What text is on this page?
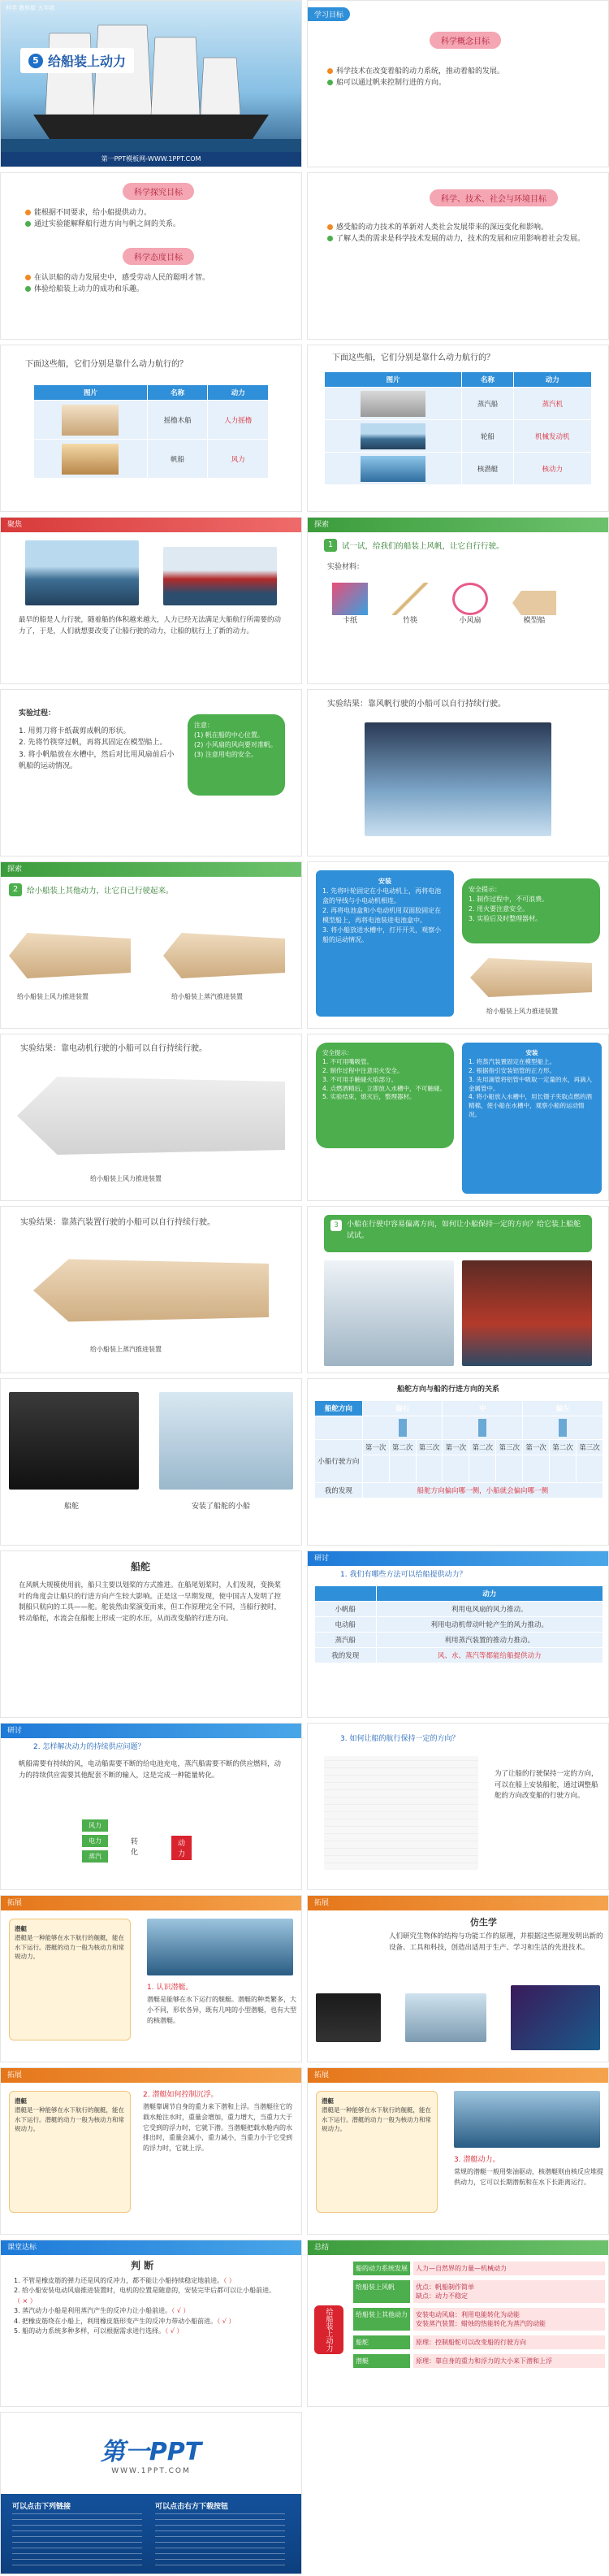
科学 教科版 五年级
5 给船装上动力
第一PPT模板网-WWW.1PPT.COM
学习目标
科学概念目标
科学技术在改变着船的动力系统，推动着船的发展。
船可以通过帆来控制行进的方向。
科学探究目标
能根据不同要求，给小船提供动力。
通过实验能解释船行进方向与帆之间的关系。
科学态度目标
在认识船的动力发展史中，感受劳动人民的聪明才智。
体验给船装上动力的成功和乐趣。
科学、技术、社会与环境目标
感受船的动力技术的革新对人类社会发展带来的深远变化和影响。
了解人类的需求是科学技术发展的动力，技术的发展和应用影响着社会发展。
下面这些船，它们分别是靠什么动力航行的？
图片	名称	动力

	摇橹木船	人力摇橹

	帆船	风力
下面这些船，它们分别是靠什么动力航行的？
图片	名称	动力

	蒸汽船	蒸汽机

	轮船	机械发动机

	核潜艇	核动力
聚焦
最早的船是人力行驶，随着船的体积越来越大，人力已经无法满足大船航行所需要的动力了，于是，人们就想要改变了让船行驶的动力，让船的航行上了新的动力。
探索
1	试一试，给我们的船装上风帆，让它自行行驶。
实验材料：
卡纸	竹筷	小风扇	模型船
实验过程：
1. 用剪刀将卡纸裁剪成帆的形状。
2. 先将竹筷穿过帆，再将其固定在模型船上。
3. 将小帆船放在水槽中，然后对比用风扇前后小帆船的运动情况。
注意：
(1) 帆在船的中心位置。
(2) 小风扇的风向要对准帆。
(3) 注意用电的安全。
实验结果：靠风帆行驶的小船可以自行持续行驶。
探索
2	给小船装上其他动力，让它自己行驶起来。
给小船装上风力推进装置	给小船装上蒸汽推进装置
安装
1. 先将叶轮固定在小电动机上，再将电池盒的导线与小电动机相连。
2. 再将电池盒和小电动机用双面胶固定在模型船上，再将电池装进电池盒中。
3. 将小船放进水槽中，打开开关，观察小船的运动情况。
安全提示：
1. 制作过程中，不可浪费。
2. 用火要注意安全。
3. 实验后及时整理器材。
给小船装上风力推进装置
实验结果：靠电动机行驶的小船可以自行持续行驶。
给小船装上风力推进装置
安全提示：
1. 不可用嘴吸管。
2. 制作过程中注意用火安全。
3. 不可用手触碰火焰部分。
4. 点燃酒精后，立即放入水槽中，不可触碰。
5. 实验结束，熄灭后，整理器材。
安装
1. 将蒸汽装置固定在模型船上。
2. 根据指引安装铝管的正方形。
3. 先用滴管将铝管中吸取一定量的水，再滴入金属管中。
4. 将小船放入水槽中，用长镊子夹取点燃的酒精棉，使小船在水槽中，观察小船的运动情况。
实验结果：靠蒸汽装置行驶的小船可以自行持续行驶。
给小船装上蒸汽推进装置
3	小船在行驶中容易偏离方向，如何让小船保持一定的方向？给它装上船舵试试。
船舵	安装了船舵的小船
船舵方向与船的行进方向的关系
船舵方向	偏右			中			偏左		

小船行驶方向	第一次	第二次	第三次	第一次	第二次	第三次	第一次	第二次	第三次

我的发现	船舵方向偏向哪一侧，小船就会偏向哪一侧								
船舵
在风帆大规模使用前，船只主要以划桨的方式推进。在船尾划桨时，人们发现，变换桨叶的角度会让船只的行进方向产生较大影响。正是这一早期发现，使中国古人发明了控制船只航向的工具——舵。舵装然由桨演变而来，但工作原理完全不同，当船行驶时，转动船舵，水流会在船舵上形成一定的水压，从而改变船的行进方向。
研讨
1. 我们有哪些方法可以给船提供动力？
	动力
小帆船	利用电风扇的风力推动。
电动船	利用电动机带动叶轮产生的风力推动。
蒸汽船	利用蒸汽装置的推动力推动。
我的发现	风、水、蒸汽等都能给船提供动力
研讨
2. 怎样解决动力的持续供应问题？
帆船需要有持续的风，电动船需要不断的给电池充电，蒸汽船需要不断的供应燃料，动力的持续供应需要其他配套不断的输入，这是完成一种能量转化。
风力
电力
蒸汽
转化
动力
3. 如何让船的航行保持一定的方向？
为了让船的行驶保持一定的方向，可以在船上安装船舵，通过调整船舵的方向改变船的行驶方向。
拓展
潜艇
潜艇是一种能够在水下航行的舰艇，能在水下运行。潜艇的动力一般为核动力和常规动力。
1. 认识潜艇。
潜艇是能够在水下运行的舰艇。潜艇的种类繁多，大小不同，形状各异，既有几吨的小型潜艇，也有大型的核潜艇。
拓展
仿生学
人们研究生物体的结构与功能工作的原理，并根据这些原理发明出新的设备、工具和科技，创造出适用于生产、学习和生活的先进技术。
拓展
潜艇
潜艇是一种能够在水下航行的舰艇，能在水下运行。潜艇的动力一般为核动力和常规动力。
2. 潜艇如何控制沉浮。
潜艇靠调节自身的重力来下潜和上浮。当潜艇往它的载水舱注水时，重量会增加，重力增大，当重力大于它受到的浮力时，它就下潜。当潜艇把载水舱内的水排出时，重量会减小，重力减小，当重力小于它受到的浮力时，它就上浮。
拓展
潜艇
潜艇是一种能够在水下航行的舰艇，能在水下运行。潜艇的动力一般为核动力和常规动力。
3. 潜艇动力。
常规的潜艇一般用柴油驱动，核潜艇则由核反应堆提供动力，它可以长期潜航和在水下长距离运行。
课堂达标
判 断
1. 不管是橡皮筋的弹力还是风的反冲力，都不能让小船持续稳定地前进。（ ）
2. 给小船安装电动风扇推进装置时，电机的位置是随意的，安装完毕后都可以让小船前进。（ × ）
3. 蒸汽动力小船是利用蒸汽产生的反冲力让小船前进。（ √ ）
4. 把橡皮筋绕在小船上，利用橡皮筋形变产生的反冲力带动小船前进。（ √ ）
5. 船的动力系统多种多样，可以根据需求进行选择。（ √ ）
总结
给船装上动力
船的动力系统发展	人力—自然界的力量—机械动力
给船装上风帆	优点：帆船制作简单
缺点：动力不稳定
给船装上其他动力	安装电动风扇：利用电能转化为动能
安装蒸汽装置：蜡烛的热能转化为蒸汽的动能
船舵	原理：控制船舵可以改变船的行驶方向
潜艇	原理：靠自身的重力和浮力的大小来下潜和上浮
第一PPT
WWW.1PPT.COM
可以点击下列链接	可以点击右方下载按钮
